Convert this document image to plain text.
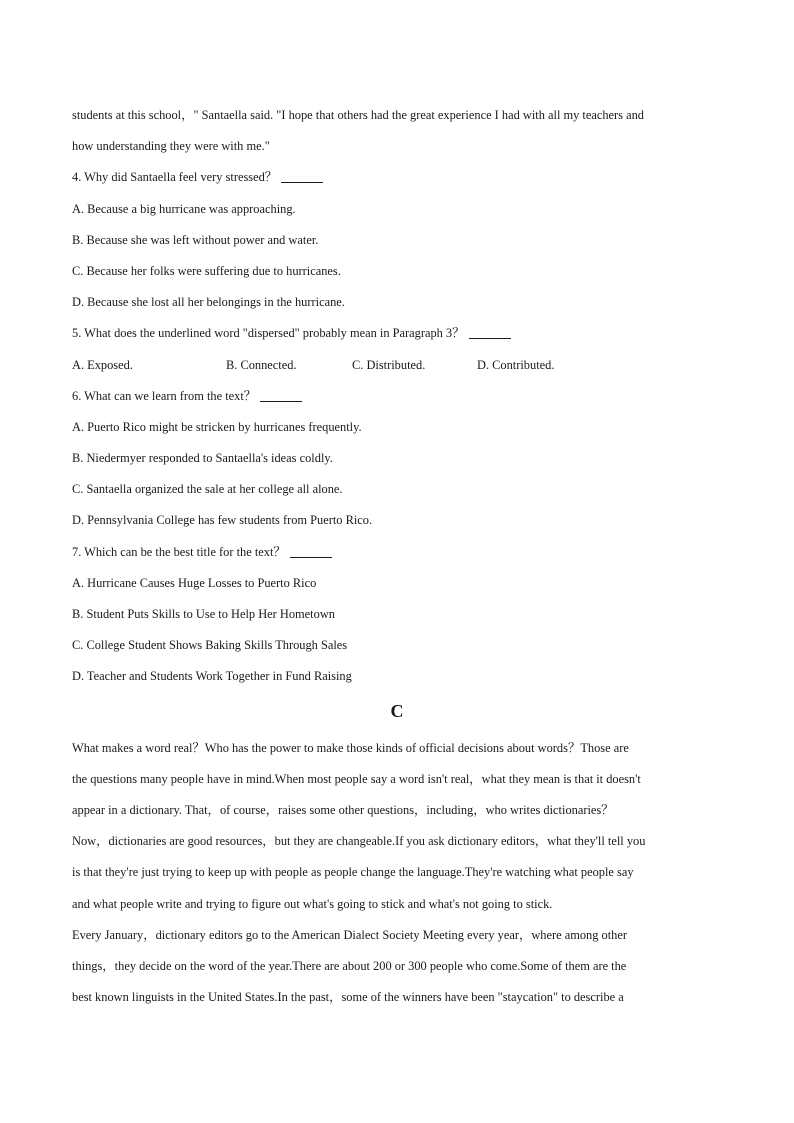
students at this school，" Santaella said. "I hope that others had the great experience I had with all my teachers and
how understanding they were with me."
4. Why did Santaella feel very stressed？
A. Because a big hurricane was approaching.
B. Because she was left without power and water.
C. Because her folks were suffering due to hurricanes.
D. Because she lost all her belongings in the hurricane.
5. What does the underlined word "dispersed" probably mean in Paragraph 3？
A. Exposed.	B. Connected.	C. Distributed.	D. Contributed.
6. What can we learn from the text？
A. Puerto Rico might be stricken by hurricanes frequently.
B. Niedermyer responded to Santaella's ideas coldly.
C. Santaella organized the sale at her college all alone.
D. Pennsylvania College has few students from Puerto Rico.
7. Which can be the best title for the text？
A. Hurricane Causes Huge Losses to Puerto Rico
B. Student Puts Skills to Use to Help Her Hometown
C. College Student Shows Baking Skills Through Sales
D. Teacher and Students Work Together in Fund Raising
C
What makes a word real？Who has the power to make those kinds of official decisions about words？Those are
the questions many people have in mind.When most people say a word isn't real，what they mean is that it doesn't
appear in a dictionary. That，of course，raises some other questions，including，who writes dictionaries？
Now，dictionaries are good resources，but they are changeable.If you ask dictionary editors，what they'll tell you
is that they're just trying to keep up with people as people change the language.They're watching what people say
and what people write and trying to figure out what's going to stick and what's not going to stick.
Every January，dictionary editors go to the American Dialect Society Meeting every year，where among other
things，they decide on the word of the year.There are about 200 or 300 people who come.Some of them are the
best known linguists in the United States.In the past，some of the winners have been "staycation" to describe a
